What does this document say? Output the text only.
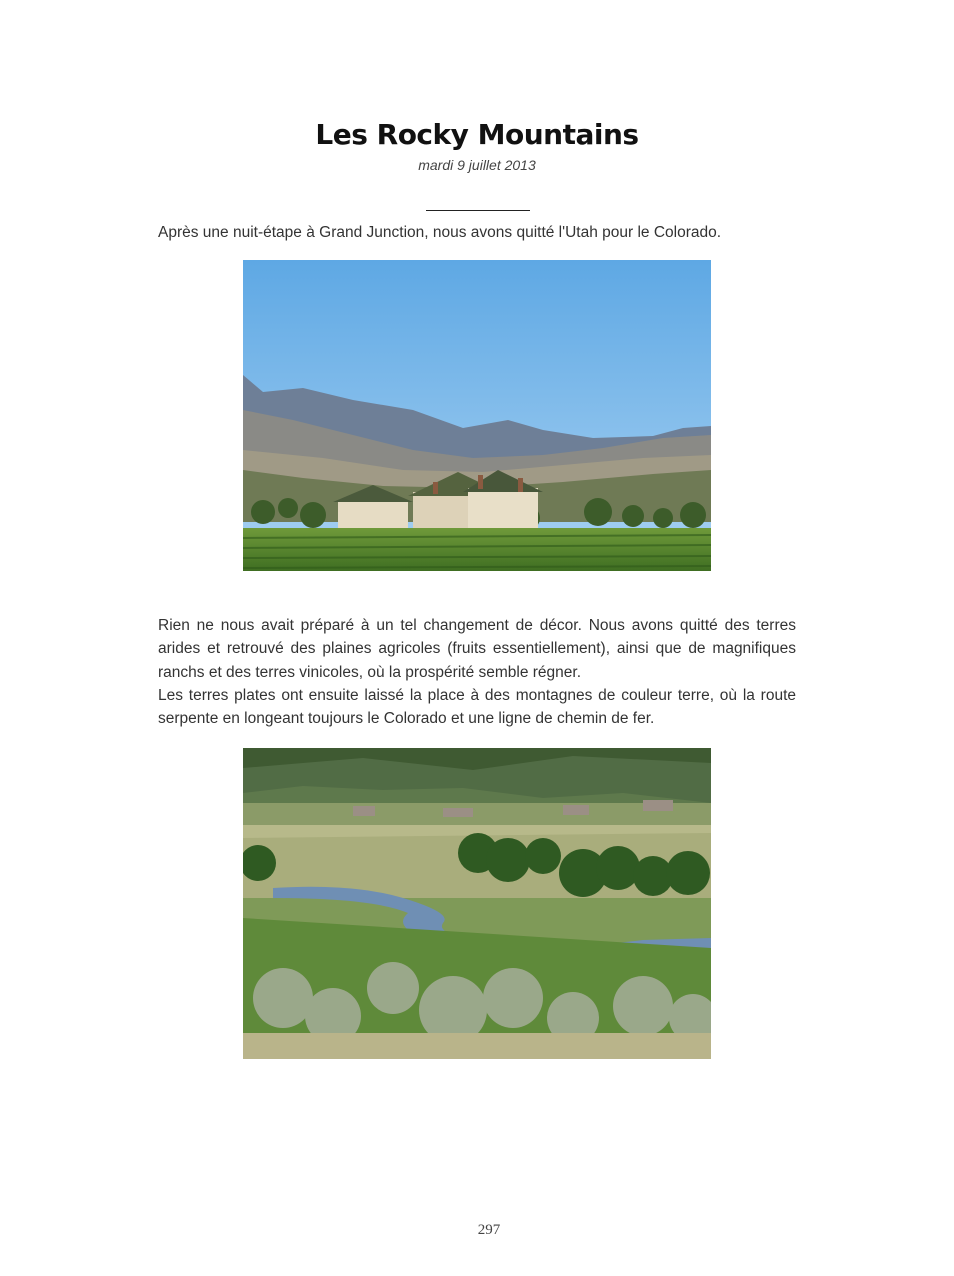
Les Rocky Mountains
mardi 9 juillet 2013
Après une nuit-étape à Grand Junction, nous avons quitté l'Utah pour le Colorado.

Rien ne nous avait préparé à un tel changement de décor. Nous avons quitté des terres arides et retrouvé des plaines agricoles (fruits essentiellement), ainsi que de magnifiques ranchs et des terres vinicoles, où la prospérité semble régner.

Les terres plates ont ensuite laissé la place à des montagnes de couleur terre, où la route serpente en longeant toujours le Colorado et une ligne de chemin de fer.

297
